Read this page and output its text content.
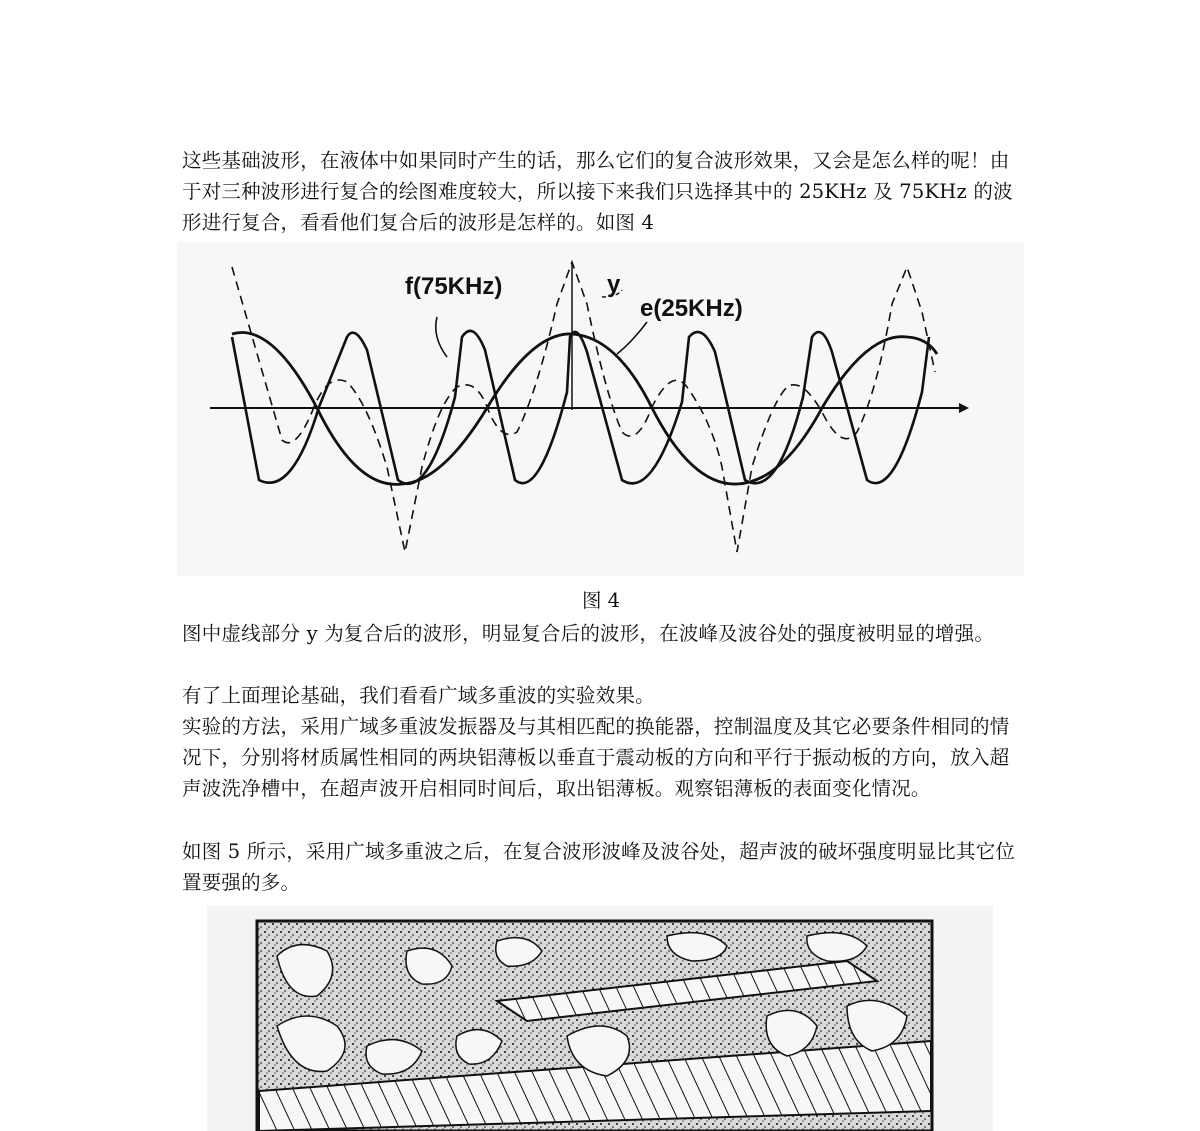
这些基础波形，在液体中如果同时产生的话，那么它们的复合波形效果，又会是怎么样的呢！由于对三种波形进行复合的绘图难度较大，所以接下来我们只选择其中的 25KHz 及 75KHz 的波形进行复合，看看他们复合后的波形是怎样的。如图 4

f(75KHz)	y
e(25KHz)
图 4

图中虚线部分 y 为复合后的波形，明显复合后的波形，在波峰及波谷处的强度被明显的增强。

有了上面理论基础，我们看看广域多重波的实验效果。

实验的方法，采用广域多重波发振器及与其相匹配的换能器，控制温度及其它必要条件相同的情况下，分别将材质属性相同的两块铝薄板以垂直于震动板的方向和平行于振动板的方向，放入超声波洗净槽中，在超声波开启相同时间后，取出铝薄板。观察铝薄板的表面变化情况。

如图 5 所示，采用广域多重波之后，在复合波形波峰及波谷处，超声波的破坏强度明显比其它位置要强的多。
